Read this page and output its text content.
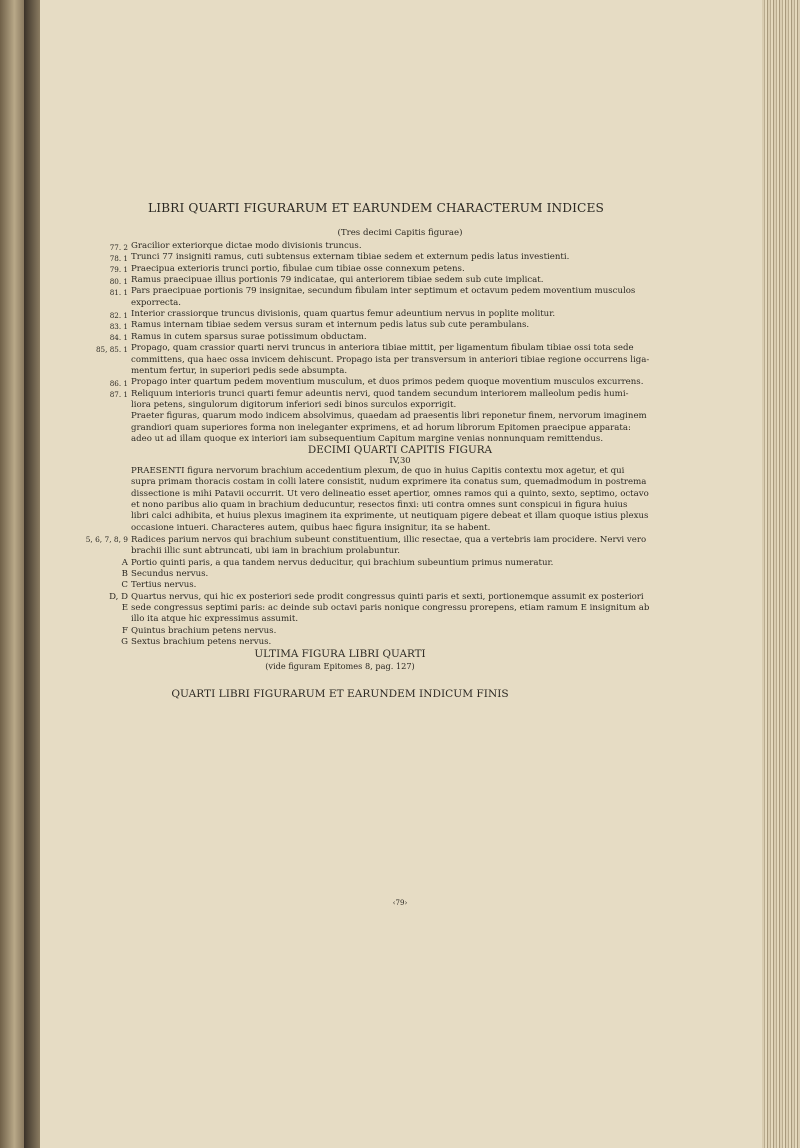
LIBRI QUARTI FIGURARUM ET EARUNDEM CHARACTERUM INDICES
(Tres decimi Capitis figurae)
77. 2 Gracilior exteriorque dictae modo divisionis truncus.
78. 1 Trunci 77 insigniti ramus, cuti subtensus externam tibiae sedem et externum pedis latus investienti.
79. 1 Praecipua exterioris trunci portio, fibulae cum tibiae osse connexum petens.
80. 1 Ramus praecipuae illius portionis 79 indicatae, qui anteriorem tibiae sedem sub cute implicat.
81. 1 Pars praecipuae portionis 79 insignitae, secundum fibulam inter septimum et octavum pedem moventium musculos
exporrecta.
82. 1 Interior crassiorque truncus divisionis, quam quartus femur adeuntium nervus in poplite molitur.
83. 1 Ramus internam tibiae sedem versus suram et internum pedis latus sub cute perambulans.
84. 1 Ramus in cutem sparsus surae potissimum obductam.
85, 85. 1 Propago, quam crassior quarti nervi truncus in anteriora tibiae mittit, per ligamentum fibulam tibiae ossi tota sede
committens, qua haec ossa invicem dehiscunt. Propago ista per transversum in anteriori tibiae regione occurrens liga-
mentum fertur, in superiori pedis sede absumpta.
86. 1 Propago inter quartum pedem moventium musculum, et duos primos pedem quoque moventium musculos excurrens.
87. 1 Reliquum interioris trunci quarti femur adeuntis nervi, quod tandem secundum interiorem malleolum pedis humi-
liora petens, singulorum digitorum inferiori sedi binos surculos exporrigit.
Praeter figuras, quarum modo indicem absolvimus, quaedam ad praesentis libri reponetur finem, nervorum imaginem
grandiori quam superiores forma non ineleganter exprimens, et ad horum librorum Epitomen praecipue apparata:
adeo ut ad illam quoque ex interiori iam subsequentium Capitum margine venias nonnunquam remittendus.
DECIMI QUARTI CAPITIS FIGURA
IV,30
PRAESENTI figura nervorum brachium accedentium plexum, de quo in huius Capitis contextu mox agetur, et qui
supra primam thoracis costam in colli latere consistit, nudum exprimere ita conatus sum, quemadmodum in postrema
dissectione is mihi Patavii occurrit. Ut vero delineatio esset apertior, omnes ramos qui a quinto, sexto, septimo, octavo
et nono paribus alio quam in brachium deducuntur, resectos finxi: uti contra omnes sunt conspicui in figura huius
libri calci adhibita, et huius plexus imaginem ita exprimente, ut neutiquam pigere debeat et illam quoque istius plexus
occasione intueri. Characteres autem, quibus haec figura insignitur, ita se habent.
5, 6, 7, 8, 9 Radices parium nervos qui brachium subeunt constituentium, illic resectae, qua a vertebris iam procidere. Nervi vero
brachii illic sunt abtruncati, ubi iam in brachium prolabuntur.
A Portio quinti paris, a qua tandem nervus deducitur, qui brachium subeuntium primus numeratur.
B Secundus nervus.
C Tertius nervus.
D, D Quartus nervus, qui hic ex posteriori sede prodit congressus quinti paris et sexti, portionemque assumit ex posteriori
E sede congressus septimi paris: ac deinde sub octavi paris nonique congressu prorepens, etiam ramum E insignitum ab
illo ita atque hic expressimus assumit.
F Quintus brachium petens nervus.
G Sextus brachium petens nervus.
ULTIMA FIGURA LIBRI QUARTI
(vide figuram Epitomes 8, pag. 127)
QUARTI LIBRI FIGURARUM ET EARUNDEM INDICUM FINIS
‹79›
